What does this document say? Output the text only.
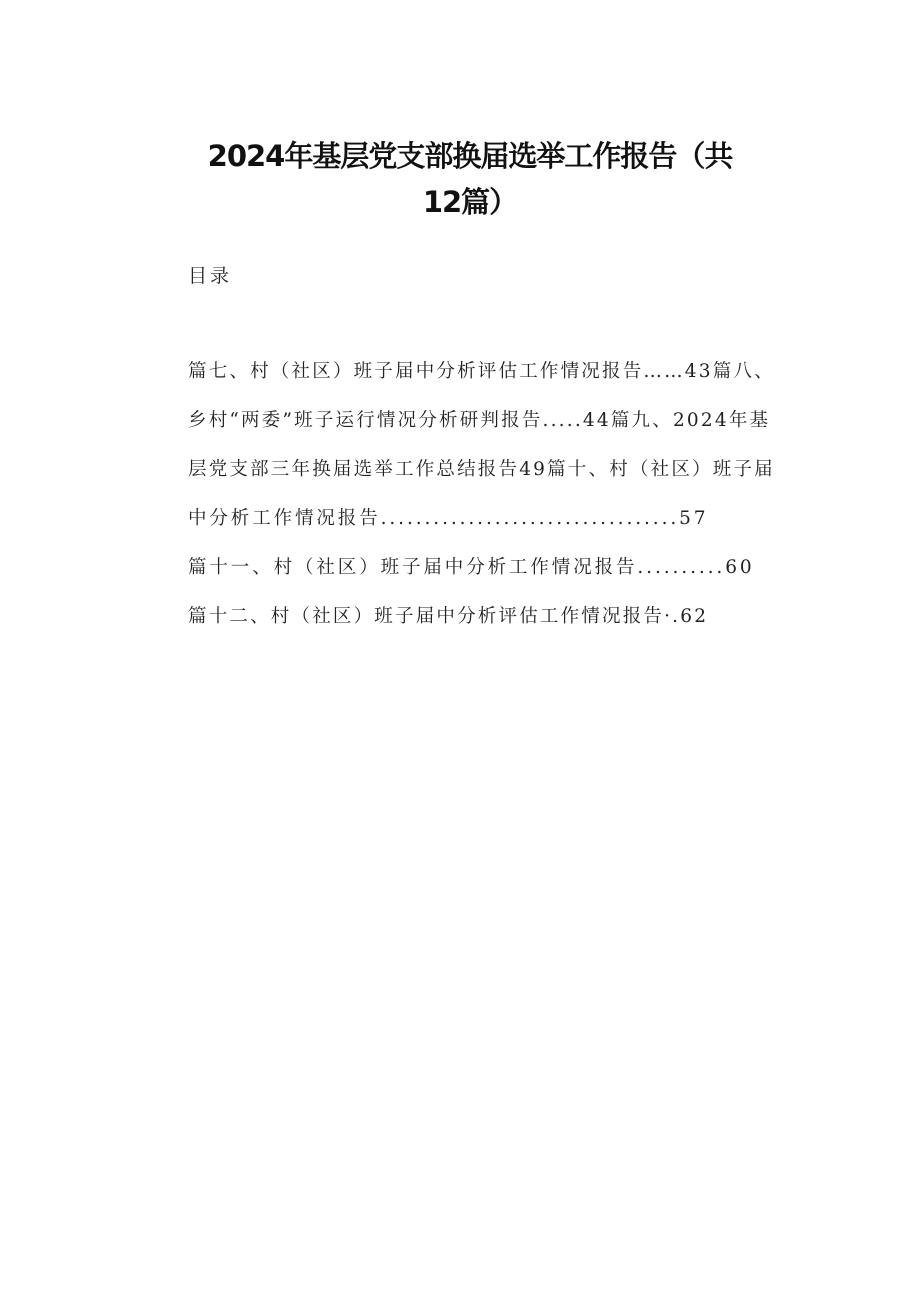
2024年基层党支部换届选举工作报告（共
12篇）
目录
篇七、村（社区）班子届中分析评估工作情况报告……43篇八、
乡村“两委”班子运行情况分析研判报告.....44篇九、2024年基
层党支部三年换届选举工作总结报告49篇十、村（社区）班子届
中分析工作情况报告..................................57
篇十一、村（社区）班子届中分析工作情况报告..........60
篇十二、村（社区）班子届中分析评估工作情况报告·.62
